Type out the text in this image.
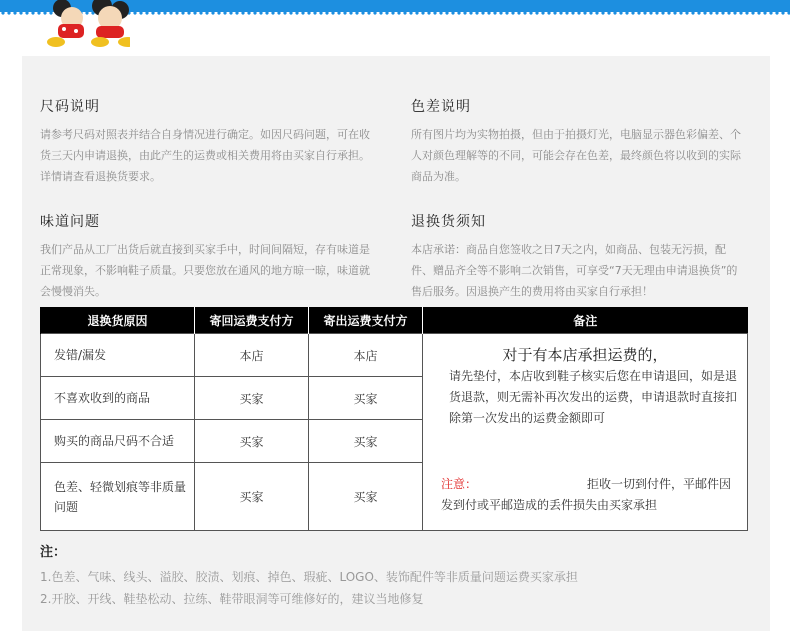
尺码说明

请参考尺码对照表并结合自身情况进行确定。如因尺码问题，可在收货三天内申请退换，由此产生的运费或相关费用将由买家自行承担。详情请查看退换货要求。

色差说明

所有图片均为实物拍摄，但由于拍摄灯光，电脑显示器色彩偏差、个人对颜色理解等的不同，可能会存在色差，最终颜色将以收到的实际商品为准。

味道问题

我们产品从工厂出货后就直接到买家手中，时间间隔短，存有味道是正常现象，不影响鞋子质量。只要您放在通风的地方晾一晾，味道就会慢慢消失。

退换货须知

本店承诺：商品自您签收之日7天之内，如商品、包装无污损，配件、赠品齐全等不影响二次销售，可享受“7天无理由申请退换货”的售后服务。因退换产生的费用将由买家自行承担！

退换货原因	寄回运费支付方	寄出运费支付方	备注
发错/漏发	本店	本店	对于有本店承担运费的，
请先垫付，本店收到鞋子核实后您在申请退回，如是退货退款，则无需补再次发出的运费，申请退款时直接扣除第一次发出的运费金额即可
注意： 拒收一切到付件，平邮件因发到付或平邮造成的丢件损失由买家承担

不喜欢收到的商品	买家	买家	
购买的商品尺码不合适	买家	买家	
色差、轻微划痕等非质量问题	买家	买家	
注：

1.色差、气味、线头、溢胶、胶渍、划痕、掉色、瑕疵、LOGO、装饰配件等非质量问题运费买家承担

2.开胶、开线、鞋垫松动、拉练、鞋带眼洞等可维修好的，建议当地修复
